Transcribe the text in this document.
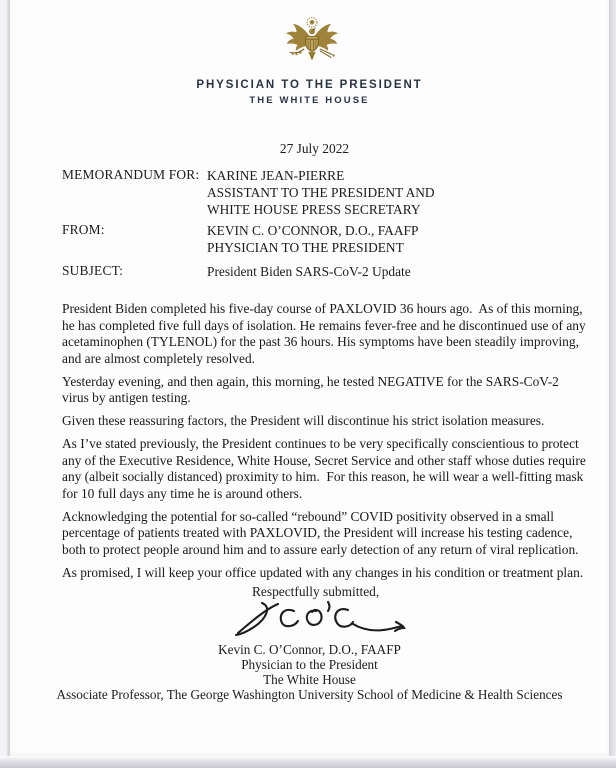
PHYSICIAN TO THE PRESIDENT
THE WHITE HOUSE
27 July 2022
MEMORANDUM FOR: KARINE JEAN-PIERRE
ASSISTANT TO THE PRESIDENT AND
WHITE HOUSE PRESS SECRETARY
FROM:	KEVIN C. O’CONNOR, D.O., FAAFP
PHYSICIAN TO THE PRESIDENT
SUBJECT:	President Biden SARS-CoV-2 Update

President Biden completed his five-day course of PAXLOVID 36 hours ago.  As of this morning, he has completed five full days of isolation. He remains fever-free and he discontinued use of any acetaminophen (TYLENOL) for the past 36 hours. His symptoms have been steadily improving, and are almost completely resolved.

Yesterday evening, and then again, this morning, he tested NEGATIVE for the SARS-CoV-2 virus by antigen testing.

Given these reassuring factors, the President will discontinue his strict isolation measures.

As I’ve stated previously, the President continues to be very specifically conscientious to protect any of the Executive Residence, White House, Secret Service and other staff whose duties require any (albeit socially distanced) proximity to him.  For this reason, he will wear a well-fitting mask for 10 full days any time he is around others.

Acknowledging the potential for so-called “rebound” COVID positivity observed in a small percentage of patients treated with PAXLOVID, the President will increase his testing cadence, both to protect people around him and to assure early detection of any return of viral replication.

As promised, I will keep your office updated with any changes in his condition or treatment plan.

Respectfully submitted,
Kevin C. O’Connor, D.O., FAAFP
Physician to the President
The White House
Associate Professor, The George Washington University School of Medicine & Health Sciences
